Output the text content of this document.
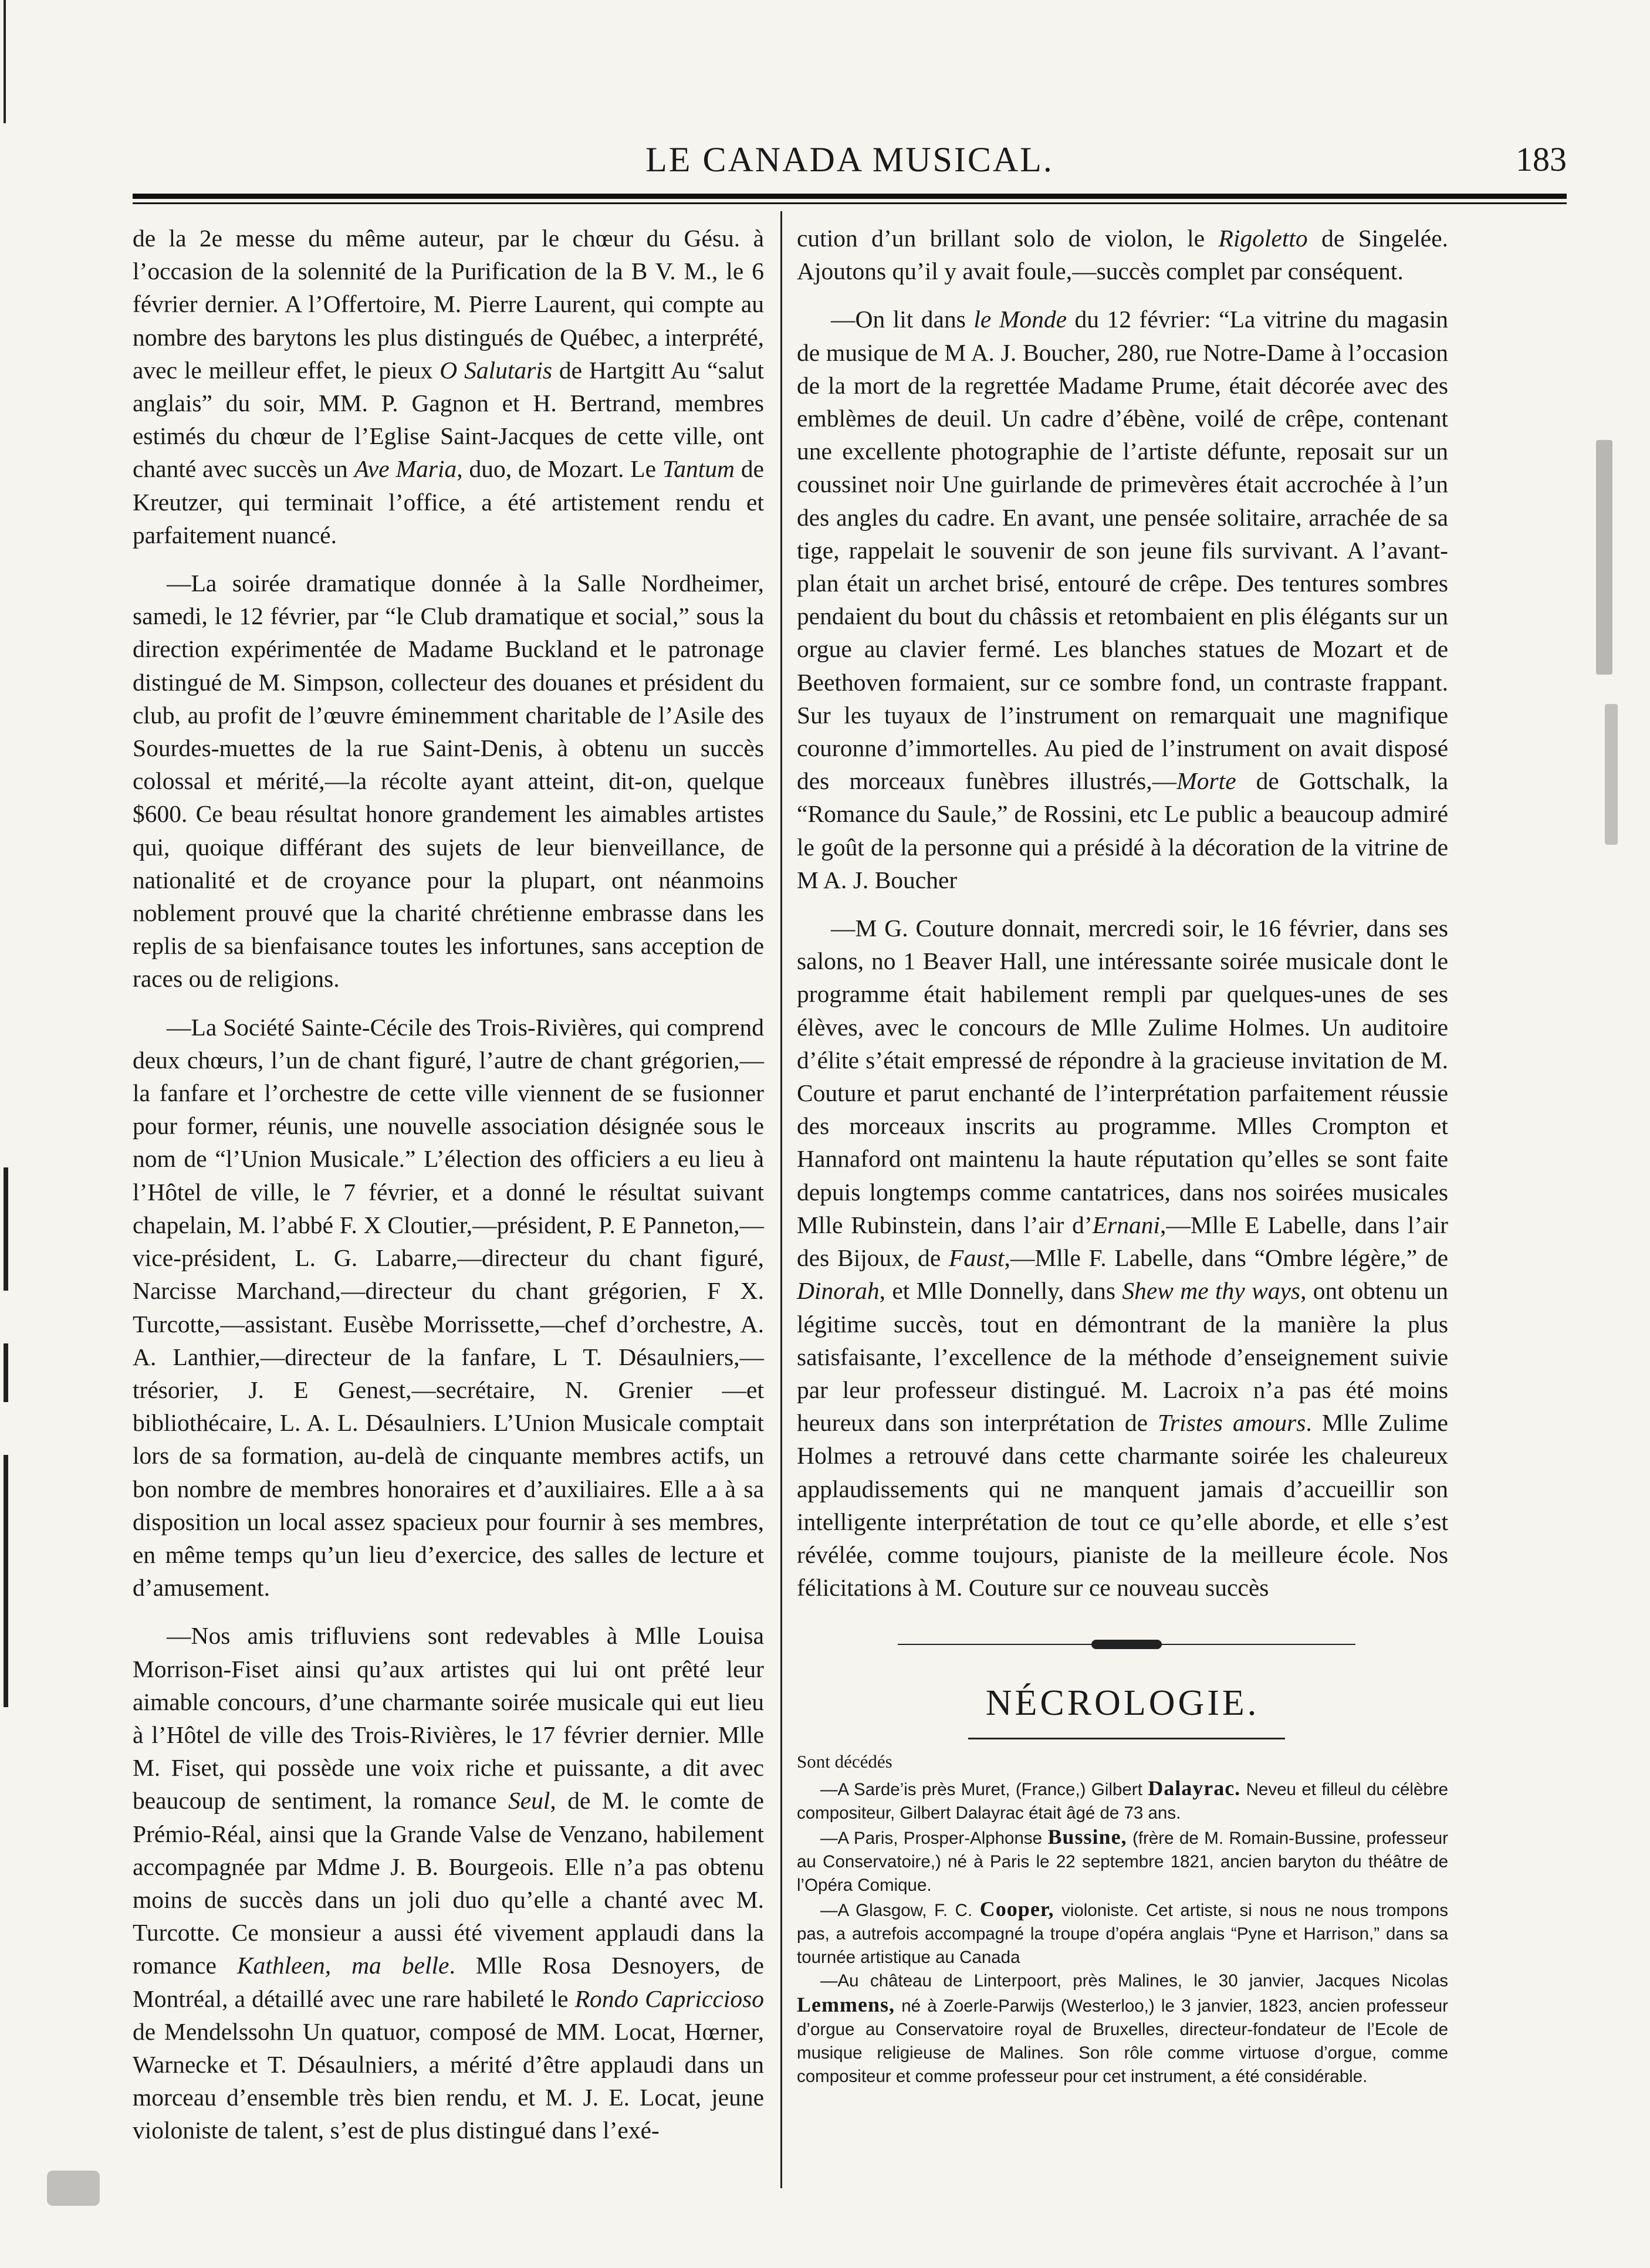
LE CANADA MUSICAL.	183

de la 2e messe du même auteur, par le chœur du Gésu. à l’occasion de la solennité de la Purification de la B V. M., le 6 février dernier. A l’Offertoire, M. Pierre Laurent, qui compte au nombre des barytons les plus distingués de Québec, a interprété, avec le meilleur effet, le pieux O Salutaris de Hartgitt Au “salut anglais” du soir, MM. P. Gagnon et H. Bertrand, membres estimés du chœur de l’Eglise Saint-Jacques de cette ville, ont chanté avec succès un Ave Maria, duo, de Mozart. Le Tantum de Kreutzer, qui terminait l’office, a été artistement rendu et parfaitement nuancé.

—La soirée dramatique donnée à la Salle Nordheimer, samedi, le 12 février, par “le Club dramatique et social,” sous la direction expérimentée de Madame Buckland et le patronage distingué de M. Simpson, collecteur des douanes et président du club, au profit de l’œuvre éminemment charitable de l’Asile des Sourdes-muettes de la rue Saint-Denis, à obtenu un succès colossal et mérité,—la récolte ayant atteint, dit-on, quelque $600. Ce beau résultat honore grandement les aimables artistes qui, quoique différant des sujets de leur bienveillance, de nationalité et de croyance pour la plupart, ont néanmoins noblement prouvé que la charité chrétienne embrasse dans les replis de sa bienfaisance toutes les infortunes, sans acception de races ou de religions.

—La Société Sainte-Cécile des Trois-Rivières, qui comprend deux chœurs, l’un de chant figuré, l’autre de chant grégorien,—la fanfare et l’orchestre de cette ville viennent de se fusionner pour former, réunis, une nouvelle association désignée sous le nom de “l’Union Musicale.” L’élection des officiers a eu lieu à l’Hôtel de ville, le 7 février, et a donné le résultat suivant chapelain, M. l’abbé F. X Cloutier,—président, P. E Panneton,—vice-président, L. G. Labarre,—directeur du chant figuré, Narcisse Marchand,—directeur du chant grégorien, F X. Turcotte,—assistant. Eusèbe Morrissette,—chef d’orchestre, A. A. Lanthier,—directeur de la fanfare, L T. Désaulniers,—trésorier, J. E Genest,—secrétaire, N. Grenier —et bibliothécaire, L. A. L. Désaulniers. L’Union Musicale comptait lors de sa formation, au-delà de cinquante membres actifs, un bon nombre de membres honoraires et d’auxiliaires. Elle a à sa disposition un local assez spacieux pour fournir à ses membres, en même temps qu’un lieu d’exercice, des salles de lecture et d’amusement.

—Nos amis trifluviens sont redevables à Mlle Louisa Morrison-Fiset ainsi qu’aux artistes qui lui ont prêté leur aimable concours, d’une charmante soirée musicale qui eut lieu à l’Hôtel de ville des Trois-Rivières, le 17 février dernier. Mlle M. Fiset, qui possède une voix riche et puissante, a dit avec beaucoup de sentiment, la romance Seul, de M. le comte de Prémio-Réal, ainsi que la Grande Valse de Venzano, habilement accompagnée par Mdme J. B. Bourgeois. Elle n’a pas obtenu moins de succès dans un joli duo qu’elle a chanté avec M. Turcotte. Ce monsieur a aussi été vivement applaudi dans la romance Kathleen, ma belle. Mlle Rosa Desnoyers, de Montréal, a détaillé avec une rare habileté le Rondo Capriccioso de Mendelssohn Un quatuor, composé de MM. Locat, Hœrner, Warnecke et T. Désaulniers, a mérité d’être applaudi dans un morceau d’ensemble très bien rendu, et M. J. E. Locat, jeune violoniste de talent, s’est de plus distingué dans l’exé-

cution d’un brillant solo de violon, le Rigoletto de Singelée. Ajoutons qu’il y avait foule,—succès complet par conséquent.

—On lit dans le Monde du 12 février: “La vitrine du magasin de musique de M A. J. Boucher, 280, rue Notre-Dame à l’occasion de la mort de la regrettée Madame Prume, était décorée avec des emblèmes de deuil. Un cadre d’ébène, voilé de crêpe, contenant une excellente photographie de l’artiste défunte, reposait sur un coussinet noir Une guirlande de primevères était accrochée à l’un des angles du cadre. En avant, une pensée solitaire, arrachée de sa tige, rappelait le souvenir de son jeune fils survivant. A l’avant-plan était un archet brisé, entouré de crêpe. Des tentures sombres pendaient du bout du châssis et retombaient en plis élégants sur un orgue au clavier fermé. Les blanches statues de Mozart et de Beethoven formaient, sur ce sombre fond, un contraste frappant. Sur les tuyaux de l’instrument on remarquait une magnifique couronne d’immortelles. Au pied de l’instrument on avait disposé des morceaux funèbres illustrés,—Morte de Gottschalk, la “Romance du Saule,” de Rossini, etc Le public a beaucoup admiré le goût de la personne qui a présidé à la décoration de la vitrine de M A. J. Boucher

—M G. Couture donnait, mercredi soir, le 16 février, dans ses salons, no 1 Beaver Hall, une intéressante soirée musicale dont le programme était habilement rempli par quelques-unes de ses élèves, avec le concours de Mlle Zulime Holmes. Un auditoire d’élite s’était empressé de répondre à la gracieuse invitation de M. Couture et parut enchanté de l’interprétation parfaitement réussie des morceaux inscrits au programme. Mlles Crompton et Hannaford ont maintenu la haute réputation qu’elles se sont faite depuis longtemps comme cantatrices, dans nos soirées musicales Mlle Rubinstein, dans l’air d’Ernani,—Mlle E Labelle, dans l’air des Bijoux, de Faust,—Mlle F. Labelle, dans “Ombre légère,” de Dinorah, et Mlle Donnelly, dans Shew me thy ways, ont obtenu un légitime succès, tout en démontrant de la manière la plus satisfaisante, l’excellence de la méthode d’enseignement suivie par leur professeur distingué. M. Lacroix n’a pas été moins heureux dans son interprétation de Tristes amours. Mlle Zulime Holmes a retrouvé dans cette charmante soirée les chaleureux applaudissements qui ne manquent jamais d’accueillir son intelligente interprétation de tout ce qu’elle aborde, et elle s’est révélée, comme toujours, pianiste de la meilleure école. Nos félicitations à M. Couture sur ce nouveau succès

NÉCROLOGIE.
Sont décédés

—A Sarde’is près Muret, (France,) Gilbert Dalayrac. Neveu et filleul du célèbre compositeur, Gilbert Dalayrac était âgé de 73 ans.

—A Paris, Prosper-Alphonse Bussine, (frère de M. Romain-Bussine, professeur au Conservatoire,) né à Paris le 22 septembre 1821, ancien baryton du théâtre de l’Opéra Comique.

—A Glasgow, F. C. Cooper, violoniste. Cet artiste, si nous ne nous trompons pas, a autrefois accompagné la troupe d’opéra anglais “Pyne et Harrison,” dans sa tournée artistique au Canada

—Au château de Linterpoort, près Malines, le 30 janvier, Jacques Nicolas Lemmens, né à Zoerle-Parwijs (Westerloo,) le 3 janvier, 1823, ancien professeur d’orgue au Conservatoire royal de Bruxelles, directeur-fondateur de l’Ecole de musique religieuse de Malines. Son rôle comme virtuose d’orgue, comme compositeur et comme professeur pour cet instrument, a été considérable.
